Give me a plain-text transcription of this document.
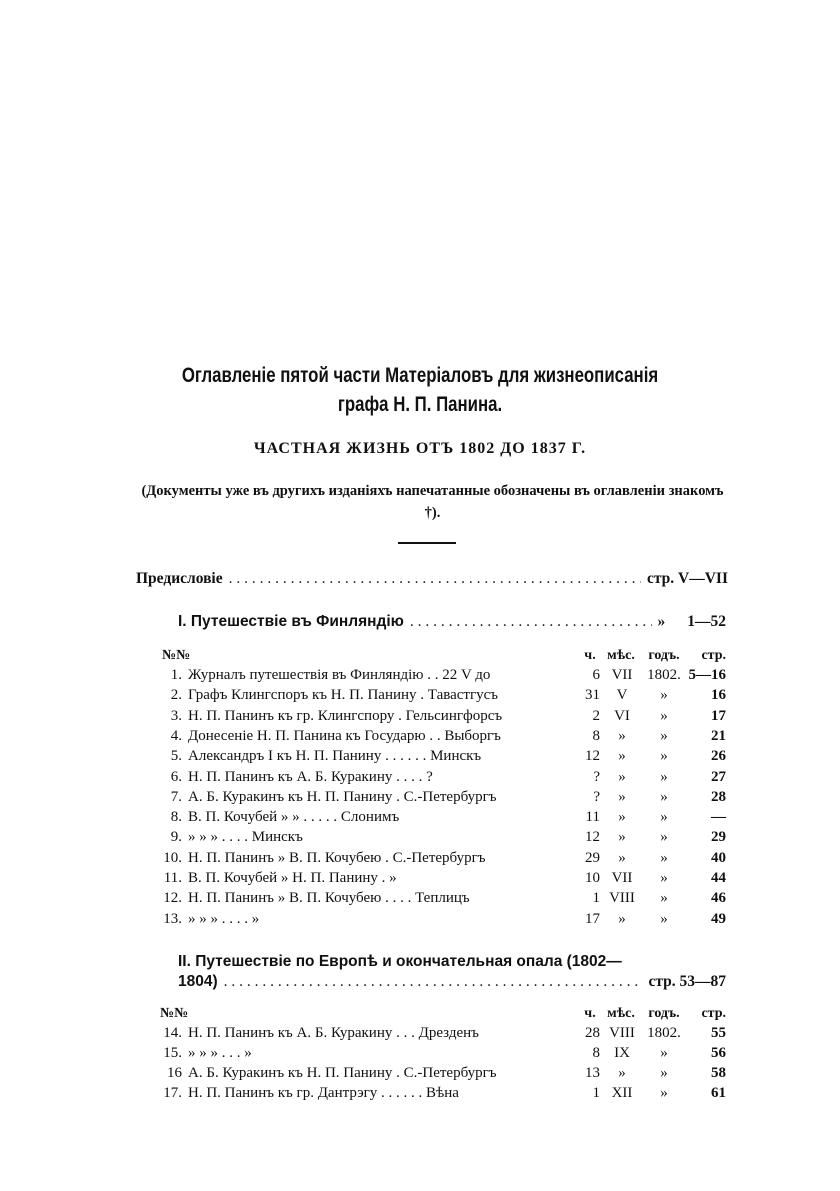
Оглавленіе пятой части Матеріаловъ для жизнеописанія
графа Н. П. Панина.
ЧАСТНАЯ ЖИЗНЬ ОТЪ 1802 ДО 1837 Г.
(Документы уже въ другихъ изданіяхъ напечатанные обозначены въ оглавленіи знакомъ †).
Предисловіе . . .	стр. V—VII
I. Путешествіе въ Финляндію . . .	» 1—52
№№	ч. мѣс. годъ.	стр.
1. Журналъ путешествія въ Финляндію . . 22 V до	6 VII 1802. 5—16
2. Графъ Клингспоръ къ Н. П. Панину . Тавастгусъ	31	V	»	16
3. Н. П. Панинъ къ гр. Клингспору . Гельсингфорсъ	2 VI	»	17
4. Донесеніе Н. П. Панина къ Государю . . Выборгъ	8	»	»	21
5. Александръ I къ Н. П. Панину . . . . . . Минскъ	12	»	»	26
6. Н. П. Панинъ къ А. Б. Куракину . . . . ?	?	»	»	27
7. А. Б. Куракинъ къ Н. П. Панину . С.-Петербургъ	?	»	»	28
8. В. П. Кочубей » » . . . . . Слонимъ	11	»	»	—
9. » » » . . . . Минскъ	12	»	»	29
10. Н. П. Панинъ » В. П. Кочубею . С.-Петербургъ	29	»	»	40
11. В. П. Кочубей » Н. П. Панину . »	10 VII	»	44
12. Н. П. Панинъ » В. П. Кочубею . . . . Теплицъ	1 VIII	»	46
13. » » » . . . . »	17	»	»	49
II. Путешествіе по Европѣ и окончательная опала (1802—
1804) . . .	стр. 53—87
№№	ч. мѣс. годъ.	стр.
14. Н. П. Панинъ къ А. Б. Куракину . . . Дрезденъ	28 VIII 1802.	55
15. » » » . . . »	8 IX	»	56
16 А. Б. Куракинъ къ Н. П. Панину . С.-Петербургъ	13	»	»	58
17. Н. П. Панинъ къ гр. Дантрэгу . . . . . . Вѣна	1 XII	»	61
